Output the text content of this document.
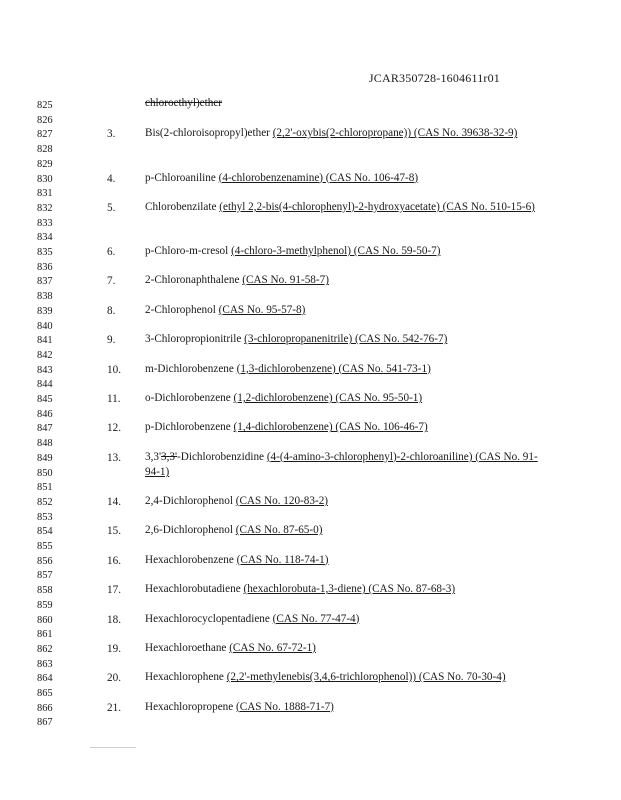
JCAR350728-1604611r01
825
826
827
828
829
830
831
832
833
834
835
836
837
838
839
840
841
842
843
844
845
846
847
848
849
850
851
852
853
854
855
856
857
858
859
860
861
862
863
864
865
866
867
chloroethyl)ether
3.	Bis(2-chloroisopropyl)ether (2,2'-oxybis(2-chloropropane)) (CAS No. 39638-32-9)
4.	p-Chloroaniline (4-chlorobenzenamine) (CAS No. 106-47-8)
5.	Chlorobenzilate (ethyl 2,2-bis(4-chlorophenyl)-2-hydroxyacetate) (CAS No. 510-15-6)
6.	p-Chloro-m-cresol (4-chloro-3-methylphenol) (CAS No. 59-50-7)
7.	2-Chloronaphthalene (CAS No. 91-58-7)
8.	2-Chlorophenol (CAS No. 95-57-8)
9.	3-Chloropropionitrile (3-chloropropanenitrile) (CAS No. 542-76-7)
10. m-Dichlorobenzene (1,3-dichlorobenzene) (CAS No. 541-73-1)
11. o-Dichlorobenzene (1,2-dichlorobenzene) (CAS No. 95-50-1)
12. p-Dichlorobenzene (1,4-dichlorobenzene) (CAS No. 106-46-7)
13. 3,3'3,3'-Dichlorobenzidine (4-(4-amino-3-chlorophenyl)-2-chloroaniline) (CAS No. 91-94-1)
14. 2,4-Dichlorophenol (CAS No. 120-83-2)
15. 2,6-Dichlorophenol (CAS No. 87-65-0)
16. Hexachlorobenzene (CAS No. 118-74-1)
17. Hexachlorobutadiene (hexachlorobuta-1,3-diene) (CAS No. 87-68-3)
18. Hexachlorocyclopentadiene (CAS No. 77-47-4)
19. Hexachloroethane (CAS No. 67-72-1)
20. Hexachlorophene (2,2'-methylenebis(3,4,6-trichlorophenol)) (CAS No. 70-30-4)
21. Hexachloropropene (CAS No. 1888-71-7)
